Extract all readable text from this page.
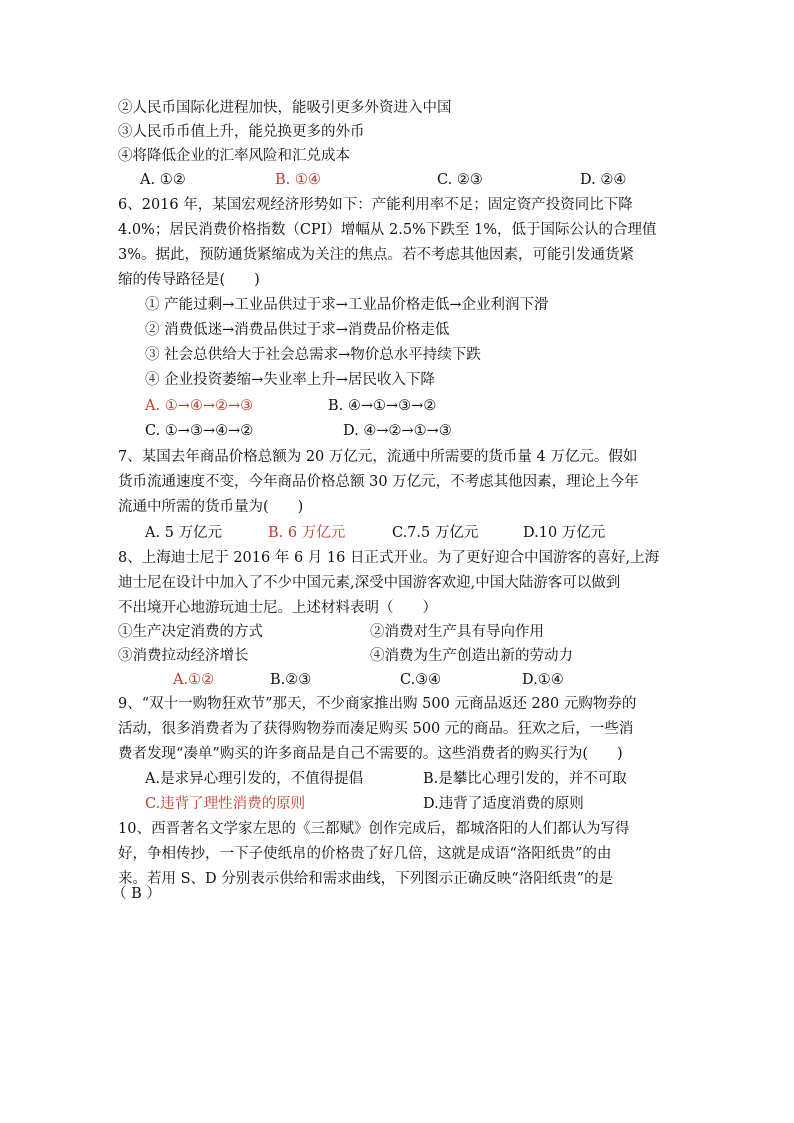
②人民币国际化进程加快，能吸引更多外资进入中国
③人民币币值上升，能兑换更多的外币
④将降低企业的汇率风险和汇兑成本
A. ①②	B. ①④	C. ②③	D. ②④
6、2016 年，某国宏观经济形势如下：产能利用率不足；固定资产投资同比下降
4.0%；居民消费价格指数（CPI）增幅从 2.5%下跌至 1%，低于国际公认的合理值
3%。据此，预防通货紧缩成为关注的焦点。若不考虑其他因素，可能引发通货紧
缩的传导路径是(　　)
① 产能过剩→工业品供过于求→工业品价格走低→企业利润下滑
② 消费低迷→消费品供过于求→消费品价格走低
③ 社会总供给大于社会总需求→物价总水平持续下跌
④ 企业投资萎缩→失业率上升→居民收入下降
A. ①→④→②→③	B. ④→①→③→②
C. ①→③→④→②	D. ④→②→①→③
7、某国去年商品价格总额为 20 万亿元，流通中所需要的货币量 4 万亿元。假如
货币流通速度不变，今年商品价格总额 30 万亿元，不考虑其他因素，理论上今年
流通中所需的货币量为(　　)
A. 5 万亿元	B. 6 万亿元	C.7.5 万亿元	D.10 万亿元
8、上海迪士尼于 2016 年 6 月 16 日正式开业。为了更好迎合中国游客的喜好,上海
迪士尼在设计中加入了不少中国元素,深受中国游客欢迎,中国大陆游客可以做到
不出境开心地游玩迪士尼。上述材料表明（　　）
①生产决定消费的方式	②消费对生产具有导向作用
③消费拉动经济增长	④消费为生产创造出新的劳动力
A.①②	B.②③	C.③④	D.①④
9、“双十一购物狂欢节”那天，不少商家推出购 500 元商品返还 280 元购物券的
活动，很多消费者为了获得购物券而凑足购买 500 元的商品。狂欢之后，一些消
费者发现“凑单”购买的许多商品是自己不需要的。这些消费者的购买行为(　　)
A.是求异心理引发的，不值得提倡	B.是攀比心理引发的，并不可取
C.违背了理性消费的原则	D.违背了适度消费的原则
10、西晋著名文学家左思的《三都赋》创作完成后，都城洛阳的人们都认为写得
好，争相传抄，一下子使纸帛的价格贵了好几倍，这就是成语“洛阳纸贵”的由
来。若用 S、D 分别表示供给和需求曲线，下列图示正确反映“洛阳纸贵”的是
（ B ）
